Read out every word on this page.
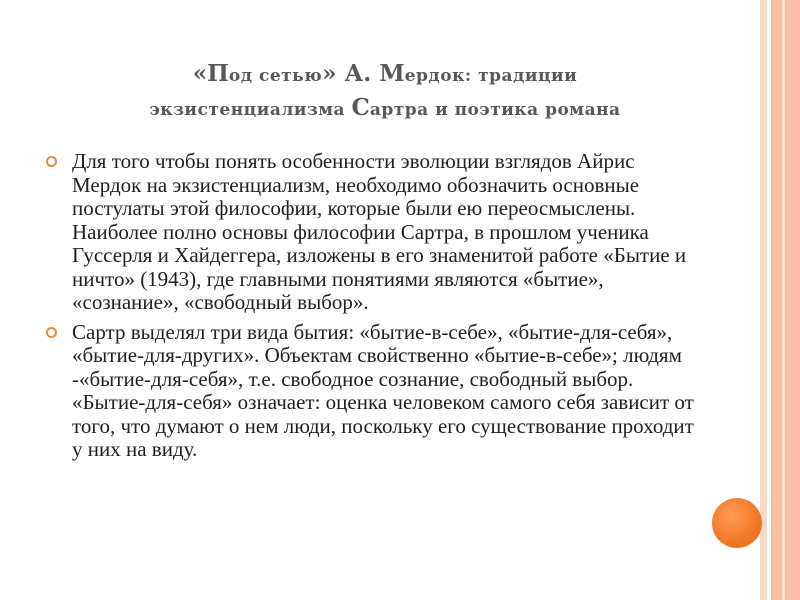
«Под сетью» А. Мердок: традиции
экзистенциализма Сартра и поэтика романа
Для того чтобы понять особенности эволюции взглядов Айрис Мердок на экзистенциализм, необходимо обозначить основные постулаты этой философии, которые были ею переосмыслены. Наиболее полно основы философии Сартра, в прошлом ученика Гуссерля и Хайдеггера, изложены в его знаменитой работе «Бытие и ничто» (1943), где главными понятиями являются «бытие», «сознание», «свободный выбор».
Сартр выделял три вида бытия: «бытие-в-себе», «бытие-для-себя», «бытие-для-других». Объектам свойственно «бытие-в-себе»; людям -«бытие-для-себя», т.е. свободное сознание, свободный выбор. «Бытие-для-себя» означает: оценка человеком самого себя зависит от того, что думают о нем люди, поскольку его существование проходит у них на виду.
